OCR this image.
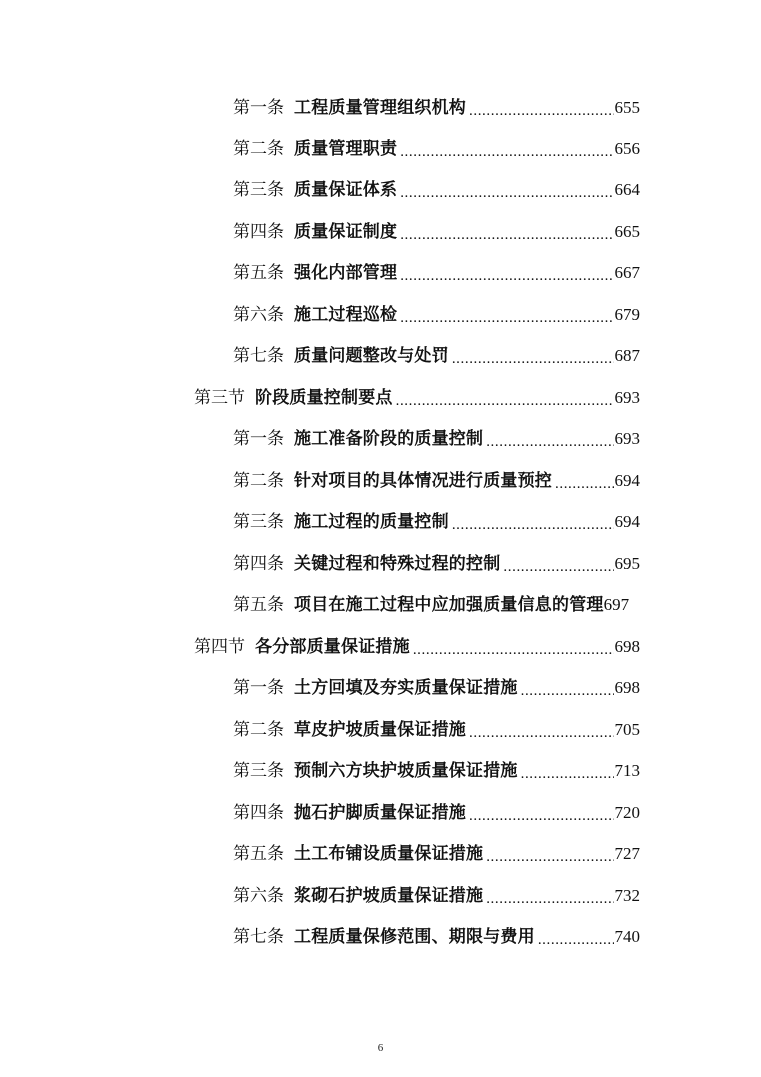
第一条 工程质量管理组织机构 .....	655
第二条 质量管理职责 .....	656
第三条 质量保证体系 .....	664
第四条 质量保证制度 .....	665
第五条 强化内部管理 .....	667
第六条 施工过程巡检 .....	679
第七条 质量问题整改与处罚 .....	687
第三节 阶段质量控制要点 .....	693
第一条 施工准备阶段的质量控制 .....	693
第二条 针对项目的具体情况进行质量预控 .....	694
第三条 施工过程的质量控制 .....	694
第四条 关键过程和特殊过程的控制 .....	695
第五条 项目在施工过程中应加强质量信息的管理 697
第四节 各分部质量保证措施 .....	698
第一条 土方回填及夯实质量保证措施 .....	698
第二条 草皮护坡质量保证措施 .....	705
第三条 预制六方块护坡质量保证措施 .....	713
第四条 抛石护脚质量保证措施 .....	720
第五条 土工布铺设质量保证措施 .....	727
第六条 浆砌石护坡质量保证措施 .....	732
第七条 工程质量保修范围、期限与费用 .....	740
6
